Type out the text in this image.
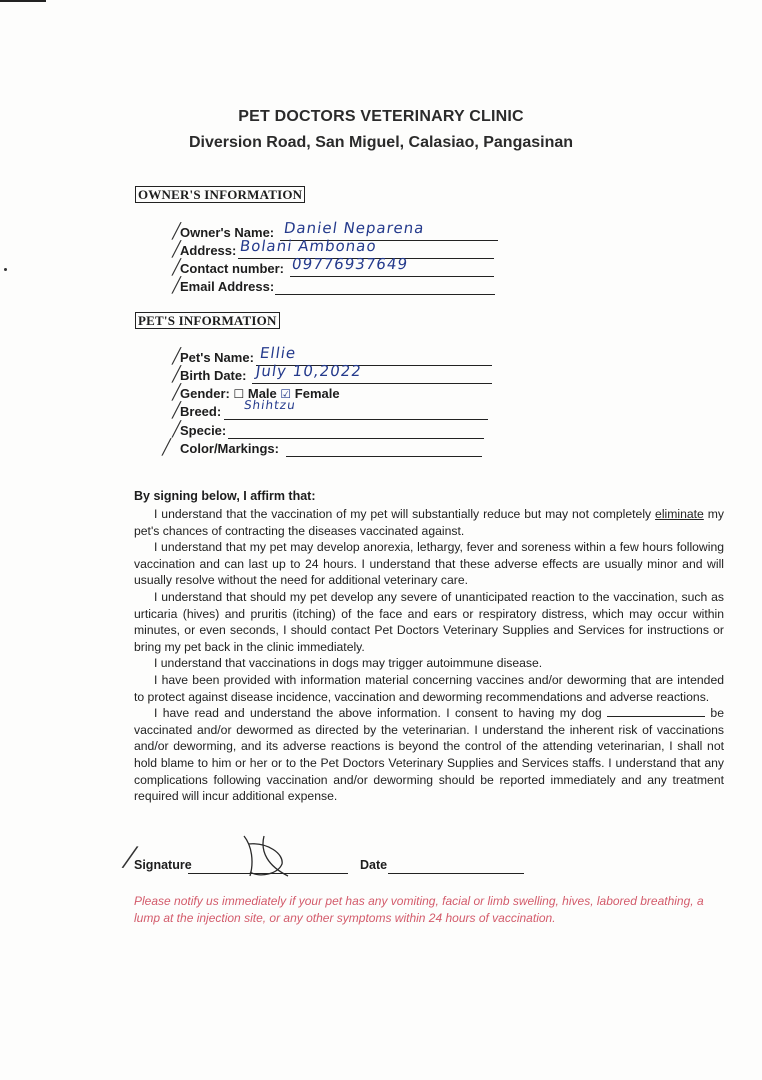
PET DOCTORS VETERINARY CLINIC
Diversion Road, San Miguel, Calasiao, Pangasinan
OWNER'S INFORMATION
╱
Owner's Name: Daniel Neparena
╱
Address: Bolani Ambonao
╱
Contact number: 09776937649
╱
Email Address:
PET'S INFORMATION
╱
Pet's Name: Ellie
╱
Birth Date: July 10,2022
╱
Gender: ☐ Male ☑ Female
╱
Breed: Shihtzu
╱
Specie:
╱ Color/Markings:
By signing below, I affirm that:

I understand that the vaccination of my pet will substantially reduce but may not completely eliminate my pet's chances of contracting the diseases vaccinated against.

I understand that my pet may develop anorexia, lethargy, fever and soreness within a few hours following vaccination and can last up to 24 hours. I understand that these adverse effects are usually minor and will usually resolve without the need for additional veterinary care.

I understand that should my pet develop any severe of unanticipated reaction to the vaccination, such as urticaria (hives) and pruritis (itching) of the face and ears or respiratory distress, which may occur within minutes, or even seconds, I should contact Pet Doctors Veterinary Supplies and Services for instructions or bring my pet back in the clinic immediately.

I understand that vaccinations in dogs may trigger autoimmune disease.

I have been provided with information material concerning vaccines and/or deworming that are intended to protect against disease incidence, vaccination and deworming recommendations and adverse reactions.

I have read and understand the above information. I consent to having my dog	be vaccinated and/or dewormed as directed by the veterinarian. I understand the inherent risk of vaccinations and/or deworming, and its adverse reactions is beyond the control of the attending veterinarian, I shall not hold blame to him or her or to the Pet Doctors Veterinary Supplies and Services staffs. I understand that any complications following vaccination and/or deworming should be reported immediately and any treatment required will incur additional expense.

Signature
╱	Date
Please notify us immediately if your pet has any vomiting, facial or limb swelling, hives, labored breathing, a lump at the injection site, or any other symptoms within 24 hours of vaccination.
